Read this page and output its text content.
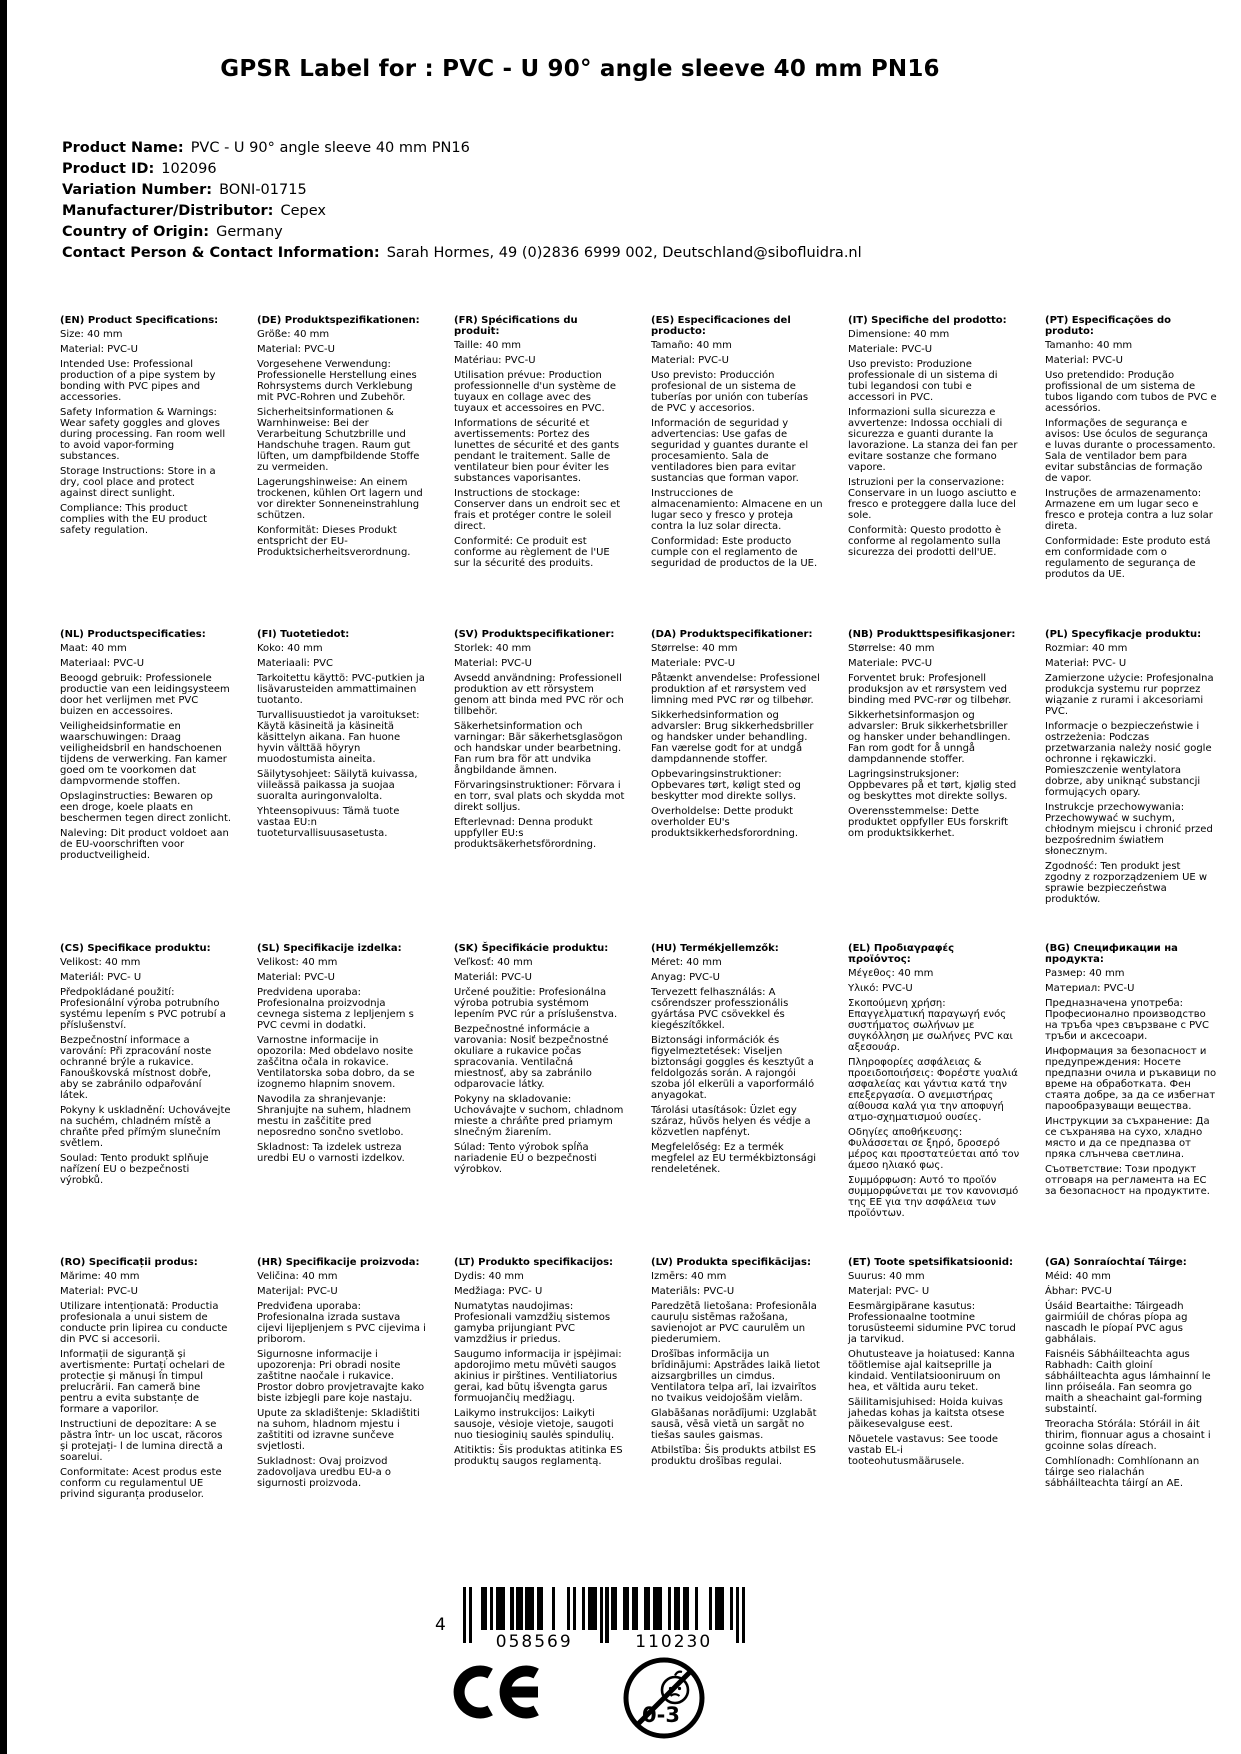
GPSR Label for : PVC - U 90° angle sleeve 40 mm PN16
Product Name: PVC - U 90° angle sleeve 40 mm PN16
Product ID: 102096
Variation Number: BONI-01715
Manufacturer/Distributor: Cepex
Country of Origin: Germany
Contact Person & Contact Information: Sarah Hormes, 49 (0)2836 6999 002, Deutschland@sibofluidra.nl
(EN) Product Specifications:

Size: 40 mm

Material: PVC-U

Intended Use: Professional production of a pipe system by bonding with PVC pipes and accessories.

Safety Information & Warnings: Wear safety goggles and gloves during processing. Fan room well to avoid vapor-forming substances.

Storage Instructions: Store in a dry, cool place and protect against direct sunlight.

Compliance: This product complies with the EU product safety regulation.

(DE) Produktspezifikationen:

Größe: 40 mm

Material: PVC-U

Vorgesehene Verwendung: Professionelle Herstellung eines Rohrsystems durch Verklebung mit PVC-Rohren und Zubehör.

Sicherheitsinformationen & Warnhinweise: Bei der Verarbeitung Schutzbrille und Handschuhe tragen. Raum gut lüften, um dampfbildende Stoffe zu vermeiden.

Lagerungshinweise: An einem trockenen, kühlen Ort lagern und vor direkter Sonneneinstrahlung schützen.

Konformität: Dieses Produkt entspricht der EU-Produktsicherheitsverordnung.

(FR) Spécifications du produit:

Taille: 40 mm

Matériau: PVC-U

Utilisation prévue: Production professionnelle d'un système de tuyaux en collage avec des tuyaux et accessoires en PVC.

Informations de sécurité et avertissements: Portez des lunettes de sécurité et des gants pendant le traitement. Salle de ventilateur bien pour éviter les substances vaporisantes.

Instructions de stockage: Conserver dans un endroit sec et frais et protéger contre le soleil direct.

Conformité: Ce produit est conforme au règlement de l'UE sur la sécurité des produits.

(ES) Especificaciones del producto:

Tamaño: 40 mm

Material: PVC-U

Uso previsto: Producción profesional de un sistema de tuberías por unión con tuberías de PVC y accesorios.

Información de seguridad y advertencias: Use gafas de seguridad y guantes durante el procesamiento. Sala de ventiladores bien para evitar sustancias que forman vapor.

Instrucciones de almacenamiento: Almacene en un lugar seco y fresco y proteja contra la luz solar directa.

Conformidad: Este producto cumple con el reglamento de seguridad de productos de la UE.

(IT) Specifiche del prodotto:

Dimensione: 40 mm

Materiale: PVC-U

Uso previsto: Produzione professionale di un sistema di tubi legandosi con tubi e accessori in PVC.

Informazioni sulla sicurezza e avvertenze: Indossa occhiali di sicurezza e guanti durante la lavorazione. La stanza dei fan per evitare sostanze che formano vapore.

Istruzioni per la conservazione: Conservare in un luogo asciutto e fresco e proteggere dalla luce del sole.

Conformità: Questo prodotto è conforme al regolamento sulla sicurezza dei prodotti dell'UE.

(PT) Especificações do produto:

Tamanho: 40 mm

Material: PVC-U

Uso pretendido: Produção profissional de um sistema de tubos ligando com tubos de PVC e acessórios.

Informações de segurança e avisos: Use óculos de segurança e luvas durante o processamento. Sala de ventilador bem para evitar substâncias de formação de vapor.

Instruções de armazenamento: Armazene em um lugar seco e fresco e proteja contra a luz solar direta.

Conformidade: Este produto está em conformidade com o regulamento de segurança de produtos da UE.

(NL) Productspecificaties:

Maat: 40 mm

Materiaal: PVC-U

Beoogd gebruik: Professionele productie van een leidingsysteem door het verlijmen met PVC buizen en accessoires.

Veiligheidsinformatie en waarschuwingen: Draag veiligheidsbril en handschoenen tijdens de verwerking. Fan kamer goed om te voorkomen dat dampvormende stoffen.

Opslaginstructies: Bewaren op een droge, koele plaats en beschermen tegen direct zonlicht.

Naleving: Dit product voldoet aan de EU-voorschriften voor productveiligheid.

(FI) Tuotetiedot:

Koko: 40 mm

Materiaali: PVC

Tarkoitettu käyttö: PVC-putkien ja lisävarusteiden ammattimainen tuotanto.

Turvallisuustiedot ja varoitukset: Käytä käsineitä ja käsineitä käsittelyn aikana. Fan huone hyvin välttää höyryn muodostumista aineita.

Säilytysohjeet: Säilytä kuivassa, viileässä paikassa ja suojaa suoralta auringonvalolta.

Yhteensopivuus: Tämä tuote vastaa EU:n tuoteturvallisuusasetusta.

(SV) Produktspecifikationer:

Storlek: 40 mm

Material: PVC-U

Avsedd användning: Professionell produktion av ett rörsystem genom att binda med PVC rör och tillbehör.

Säkerhetsinformation och varningar: Bär säkerhetsglasögon och handskar under bearbetning. Fan rum bra för att undvika ångbildande ämnen.

Förvaringsinstruktioner: Förvara i en torr, sval plats och skydda mot direkt solljus.

Efterlevnad: Denna produkt uppfyller EU:s produktsäkerhetsförordning.

(DA) Produktspecifikationer:

Størrelse: 40 mm

Materiale: PVC-U

Påtænkt anvendelse: Professionel produktion af et rørsystem ved limning med PVC rør og tilbehør.

Sikkerhedsinformation og advarsler: Brug sikkerhedsbriller og handsker under behandling. Fan værelse godt for at undgå dampdannende stoffer.

Opbevaringsinstruktioner: Opbevares tørt, køligt sted og beskytter mod direkte sollys.

Overholdelse: Dette produkt overholder EU's produktsikkerhedsforordning.

(NB) Produkttspesifikasjoner:

Størrelse: 40 mm

Materiale: PVC-U

Forventet bruk: Profesjonell produksjon av et rørsystem ved binding med PVC-rør og tilbehør.

Sikkerhetsinformasjon og advarsler: Bruk sikkerhetsbriller og hansker under behandlingen. Fan rom godt for å unngå dampdannende stoffer.

Lagringsinstruksjoner: Oppbevares på et tørt, kjølig sted og beskyttes mot direkte sollys.

Overensstemmelse: Dette produktet oppfyller EUs forskrift om produktsikkerhet.

(PL) Specyfikacje produktu:

Rozmiar: 40 mm

Materiał: PVC- U

Zamierzone użycie: Profesjonalna produkcja systemu rur poprzez wiązanie z rurami i akcesoriami PVC.

Informacje o bezpieczeństwie i ostrzeżenia: Podczas przetwarzania należy nosić gogle ochronne i rękawiczki. Pomieszczenie wentylatora dobrze, aby uniknąć substancji formujących opary.

Instrukcje przechowywania: Przechowywać w suchym, chłodnym miejscu i chronić przed bezpośrednim światłem słonecznym.

Zgodność: Ten produkt jest zgodny z rozporządzeniem UE w sprawie bezpieczeństwa produktów.

(CS) Specifikace produktu:

Velikost: 40 mm

Materiál: PVC- U

Předpokládané použití: Profesionální výroba potrubního systému lepením s PVC potrubí a příslušenství.

Bezpečnostní informace a varování: Při zpracování noste ochranné brýle a rukavice. Fanouškovská místnost dobře, aby se zabránilo odpařování látek.

Pokyny k uskladnění: Uchovávejte na suchém, chladném místě a chraňte před přímým slunečním světlem.

Soulad: Tento produkt splňuje nařízení EU o bezpečnosti výrobků.

(SL) Specifikacije izdelka:

Velikost: 40 mm

Material: PVC-U

Predvidena uporaba: Profesionalna proizvodnja cevnega sistema z lepljenjem s PVC cevmi in dodatki.

Varnostne informacije in opozorila: Med obdelavo nosite zaščitna očala in rokavice. Ventilatorska soba dobro, da se izognemo hlapnim snovem.

Navodila za shranjevanje: Shranjujte na suhem, hladnem mestu in zaščitite pred neposredno sončno svetlobo.

Skladnost: Ta izdelek ustreza uredbi EU o varnosti izdelkov.

(SK) Špecifikácie produktu:

Veľkosť: 40 mm

Materiál: PVC-U

Určené použitie: Profesionálna výroba potrubia systémom lepením PVC rúr a príslušenstva.

Bezpečnostné informácie a varovania: Nosiť bezpečnostné okuliare a rukavice počas spracovania. Ventilačná miestnosť, aby sa zabránilo odparovacie látky.

Pokyny na skladovanie: Uchovávajte v suchom, chladnom mieste a chráňte pred priamym slnečným žiarením.

Súlad: Tento výrobok spĺňa nariadenie EÚ o bezpečnosti výrobkov.

(HU) Termékjellemzők:

Méret: 40 mm

Anyag: PVC-U

Tervezett felhasználás: A csőrendszer professzionális gyártása PVC csövekkel és kiegészítőkkel.

Biztonsági információk és figyelmeztetések: Viseljen biztonsági goggles és kesztyűt a feldolgozás során. A rajongói szoba jól elkerüli a vaporformáló anyagokat.

Tárolási utasítások: Üzlet egy száraz, hűvös helyen és védje a közvetlen napfényt.

Megfelelőség: Ez a termék megfelel az EU termékbiztonsági rendeletének.

(EL) Προδιαγραφές προϊόντος:

Μέγεθος: 40 mm

Υλικό: PVC-U

Σκοπούμενη χρήση: Επαγγελματική παραγωγή ενός συστήματος σωλήνων με συγκόλληση με σωλήνες PVC και αξεσουάρ.

Πληροφορίες ασφάλειας & προειδοποιήσεις: Φορέστε γυαλιά ασφαλείας και γάντια κατά την επεξεργασία. Ο ανεμιστήρας αίθουσα καλά για την αποφυγή ατμο-σχηματισμού ουσίες.

Οδηγίες αποθήκευσης: Φυλάσσεται σε ξηρό, δροσερό μέρος και προστατεύεται από τον άμεσο ηλιακό φως.

Συμμόρφωση: Αυτό το προϊόν συμμορφώνεται με τον κανονισμό της ΕΕ για την ασφάλεια των προϊόντων.

(BG) Спецификации на продукта:

Размер: 40 mm

Материал: PVC-U

Предназначена употреба: Професионално производство на тръба чрез свързване с PVC тръби и аксесоари.

Информация за безопасност и предупреждения: Носете предпазни очила и ръкавици по време на обработката. Фен стаята добре, за да се избегнат парообразуващи вещества.

Инструкции за съхранение: Да се съхранява на сухо, хладно място и да се предпазва от пряка слънчева светлина.

Съответствие: Този продукт отговаря на регламента на ЕС за безопасност на продуктите.

(RO) Specificații produs:

Mărime: 40 mm

Material: PVC-U

Utilizare intenționată: Productia profesionala a unui sistem de conducte prin lipirea cu conducte din PVC si accesorii.

Informații de siguranță și avertismente: Purtați ochelari de protecție și mănuși în timpul prelucrării. Fan cameră bine pentru a evita substanțe de formare a vaporilor.

Instructiuni de depozitare: A se păstra într- un loc uscat, răcoros și protejați- l de lumina directă a soarelui.

Conformitate: Acest produs este conform cu regulamentul UE privind siguranța produselor.

(HR) Specifikacije proizvoda:

Veličina: 40 mm

Materijal: PVC-U

Predviđena uporaba: Profesionalna izrada sustava cijevi lijepljenjem s PVC cijevima i priborom.

Sigurnosne informacije i upozorenja: Pri obradi nosite zaštitne naočale i rukavice. Prostor dobro provjetravajte kako biste izbjegli pare koje nastaju.

Upute za skladištenje: Skladištiti na suhom, hladnom mjestu i zaštititi od izravne sunčeve svjetlosti.

Sukladnost: Ovaj proizvod zadovoljava uredbu EU-a o sigurnosti proizvoda.

(LT) Produkto specifikacijos:

Dydis: 40 mm

Medžiaga: PVC- U

Numatytas naudojimas: Profesionali vamzdžių sistemos gamyba prijungiant PVC vamzdžius ir priedus.

Saugumo informacija ir įspėjimai: apdorojimo metu mūvėti saugos akinius ir pirštines. Ventiliatorius gerai, kad būtų išvengta garus formuojančių medžiagų.

Laikymo instrukcijos: Laikyti sausoje, vėsioje vietoje, saugoti nuo tiesioginių saulės spindulių.

Atitiktis: Šis produktas atitinka ES produktų saugos reglamentą.

(LV) Produkta specifikācijas:

Izmērs: 40 mm

Materiāls: PVC-U

Paredzētā lietošana: Profesionāla cauruļu sistēmas ražošana, savienojot ar PVC caurulēm un piederumiem.

Drošības informācija un brīdinājumi: Apstrādes laikā lietot aizsargbrilles un cimdus. Ventilatora telpa arī, lai izvairītos no tvaikus veidojošām vielām.

Glabāšanas norādījumi: Uzglabāt sausā, vēsā vietā un sargāt no tiešas saules gaismas.

Atbilstība: Šis produkts atbilst ES produktu drošības regulai.

(ET) Toote spetsifikatsioonid:

Suurus: 40 mm

Materjal: PVC- U

Eesmärgipärane kasutus: Professionaalne tootmine torusüsteemi sidumine PVC torud ja tarvikud.

Ohutusteave ja hoiatused: Kanna töötlemise ajal kaitseprille ja kindaid. Ventilatsiooniruum on hea, et vältida auru teket.

Säilitamisjuhised: Hoida kuivas jahedas kohas ja kaitsta otsese päikesevalguse eest.

Nõuetele vastavus: See toode vastab EL-i tooteohutusmäärusele.

(GA) Sonraíochtaí Táirge:

Méid: 40 mm

Ábhar: PVC-U

Úsáid Beartaithe: Táirgeadh gairmiúil de chóras píopa ag nascadh le píopaí PVC agus gabhálais.

Faisnéis Sábháilteachta agus Rabhadh: Caith gloiní sábháilteachta agus lámhainní le linn próiseála. Fan seomra go maith a sheachaint gal-forming substaintí.

Treoracha Stórála: Stóráil in áit thirim, fionnuar agus a chosaint i gcoinne solas díreach.

Comhlíonadh: Comhlíonann an táirge seo rialachán sábháilteachta táirgí an AE.

4
058569	110230
0-3
